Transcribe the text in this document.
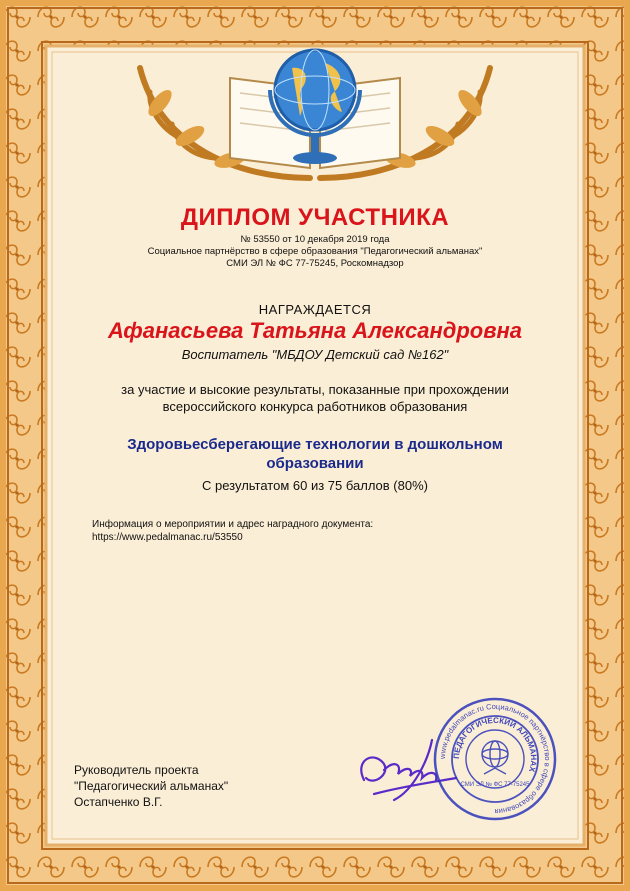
ДИПЛОМ УЧАСТНИКА
№ 53550 от 10 декабря 2019 года
Социальное партнёрство в сфере образования "Педагогический альманах"
СМИ ЭЛ № ФС 77-75245, Роскомнадзор
НАГРАЖДАЕТСЯ
Афанасьева Татьяна Александровна
Воспитатель "МБДОУ Детский сад №162"
за участие и высокие результаты, показанные при прохождении
всероссийского конкурса работников образования
Здоровьесберегающие технологии в дошкольном
образовании
С результатом 60 из 75 баллов (80%)
Информация о мероприятии и адрес наградного документа:
https://www.pedalmanac.ru/53550
Руководитель проекта
"Педагогический альманах"
Остапченко В.Г.
www.pedalmanac.ru Социальное партнёрство в сфере образования
ПЕДАГОГИЧЕСКИЙ АЛЬМАНАХ
СМИ ЭЛ № ФС 77-75245
